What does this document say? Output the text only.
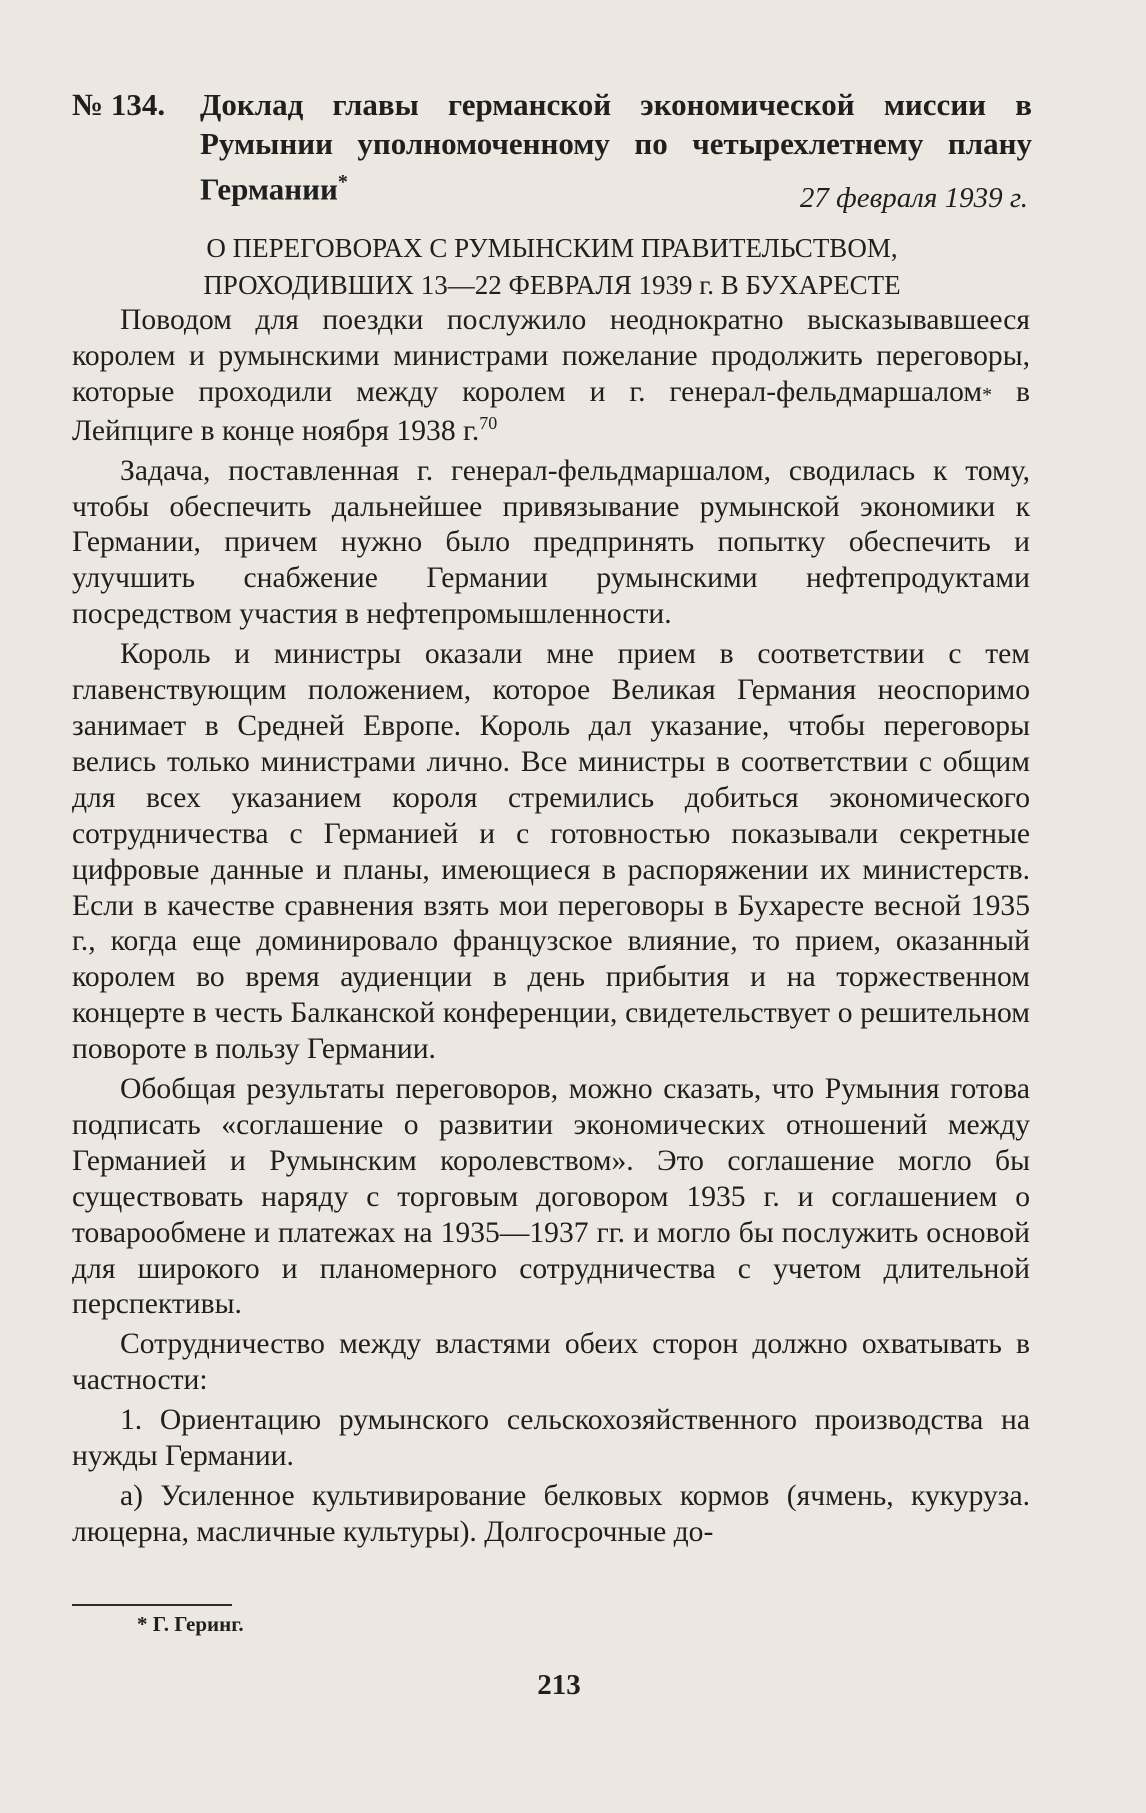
№ 134. Доклад главы германской экономической миссии в Румынии уполномоченному по четырехлетнему плану Германии*	27 февраля 1939 г.
О ПЕРЕГОВОРАХ С РУМЫНСКИМ ПРАВИТЕЛЬСТВОМ,
ПРОХОДИВШИХ 13—22 ФЕВРАЛЯ 1939 г. В БУХАРЕСТЕ

Поводом для поездки послужило неоднократно высказывавшееся королем и румынскими министрами пожелание продолжить переговоры, которые проходили между королем и г. генерал-фельдмаршалом* в Лейпциге в конце ноября 1938 г.$^{70}$

Задача, поставленная г. генерал-фельдмаршалом, сводилась к тому, чтобы обеспечить дальнейшее привязывание румынской экономики к Германии, причем нужно было предпринять попытку обеспечить и улучшить снабжение Германии румынскими нефтепродуктами посредством участия в нефтепромышленности.

Король и министры оказали мне прием в соответствии с тем главенствующим положением, которое Великая Германия неоспоримо занимает в Средней Европе. Король дал указание, чтобы переговоры велись только министрами лично. Все министры в соответствии с общим для всех указанием короля стремились добиться экономического сотрудничества с Германией и с готовностью показывали секретные цифровые данные и планы, имеющиеся в распоряжении их министерств. Если в качестве сравнения взять мои переговоры в Бухаресте весной 1935 г., когда еще доминировало французское влияние, то прием, оказанный королем во время аудиенции в день прибытия и на торжественном концерте в честь Балканской конференции, свидетельствует о решительном повороте в пользу Германии.

Обобщая результаты переговоров, можно сказать, что Румыния готова подписать «соглашение о развитии экономических отношений между Германией и Румынским королевством». Это соглашение могло бы существовать наряду с торговым договором 1935 г. и соглашением о товарообмене и платежах на 1935—1937 гг. и могло бы послужить основой для широкого и планомерного сотрудничества с учетом длительной перспективы.

Сотрудничество между властями обеих сторон должно охватывать в частности:

1. Ориентацию румынского сельскохозяйственного производства на нужды Германии.

а) Усиленное культивирование белковых кормов (ячмень, кукуруза. люцерна, масличные культуры). Долгосрочные до-

* Г. Геринг.
213
